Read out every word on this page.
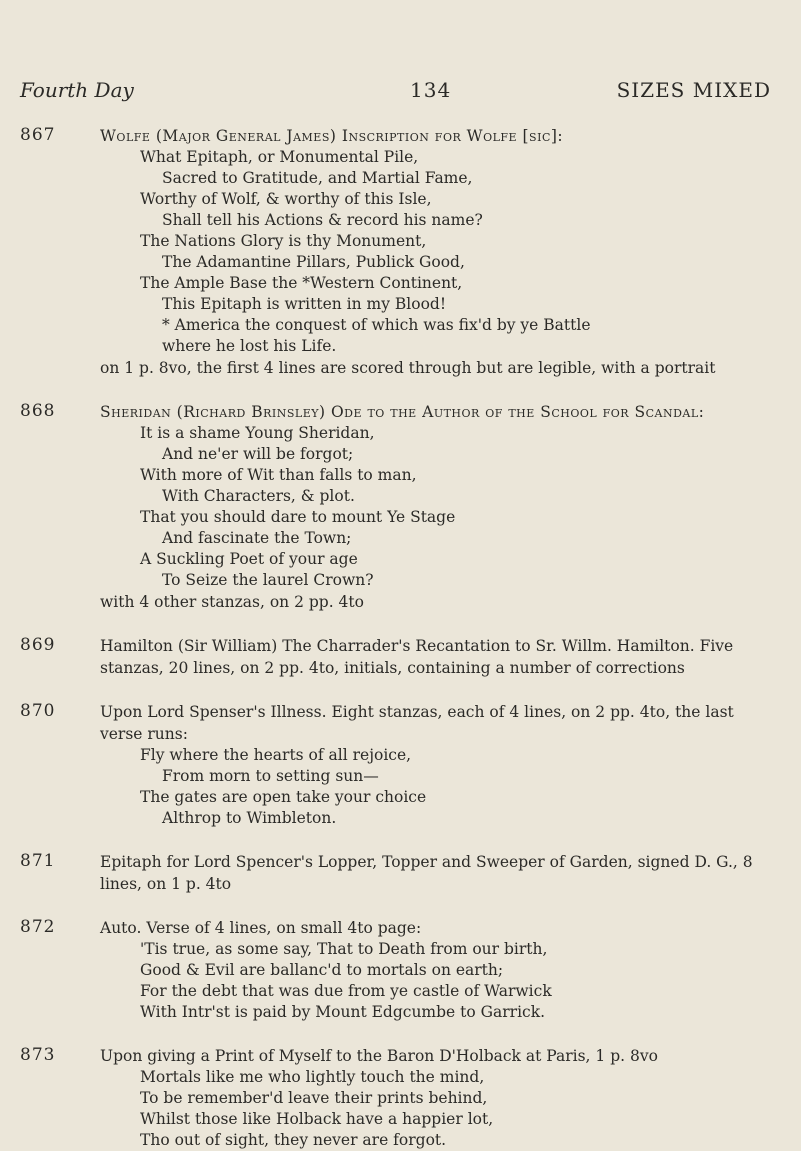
Fourth Day	134	SIZES MIXED
867	Wolfe (Major General James) Inscription for Wolfe [sic]:
What Epitaph, or Monumental Pile,
Sacred to Gratitude, and Martial Fame,
Worthy of Wolf, & worthy of this Isle,
Shall tell his Actions & record his name?
The Nations Glory is thy Monument,
The Adamantine Pillars, Publick Good,
The Ample Base the *Western Continent,
This Epitaph is written in my Blood!
* America the conquest of which was fix'd by ye Battle
where he lost his Life.
on 1 p. 8vo, the first 4 lines are scored through but are legible, with a portrait
868	Sheridan (Richard Brinsley) Ode to the Author of the School for Scandal:
It is a shame Young Sheridan,
And ne'er will be forgot;
With more of Wit than falls to man,
With Characters, & plot.
That you should dare to mount Ye Stage
And fascinate the Town;
A Suckling Poet of your age
To Seize the laurel Crown?
with 4 other stanzas, on 2 pp. 4to
869	Hamilton (Sir William) The Charrader's Recantation to Sr. Willm. Hamilton. Five stanzas, 20 lines, on 2 pp. 4to, initials, containing a number of corrections
870	Upon Lord Spenser's Illness. Eight stanzas, each of 4 lines, on 2 pp. 4to, the last verse runs:
Fly where the hearts of all rejoice,
From morn to setting sun—
The gates are open take your choice
Althrop to Wimbleton.
871	Epitaph for Lord Spencer's Lopper, Topper and Sweeper of Garden, signed D. G., 8 lines, on 1 p. 4to
872	Auto. Verse of 4 lines, on small 4to page:
'Tis true, as some say, That to Death from our birth,
Good & Evil are ballanc'd to mortals on earth;
For the debt that was due from ye castle of Warwick
With Intr'st is paid by Mount Edgcumbe to Garrick.
873	Upon giving a Print of Myself to the Baron D'Holback at Paris, 1 p. 8vo
Mortals like me who lightly touch the mind,
To be remember'd leave their prints behind,
Whilst those like Holback have a happier lot,
Tho out of sight, they never are forgot.
